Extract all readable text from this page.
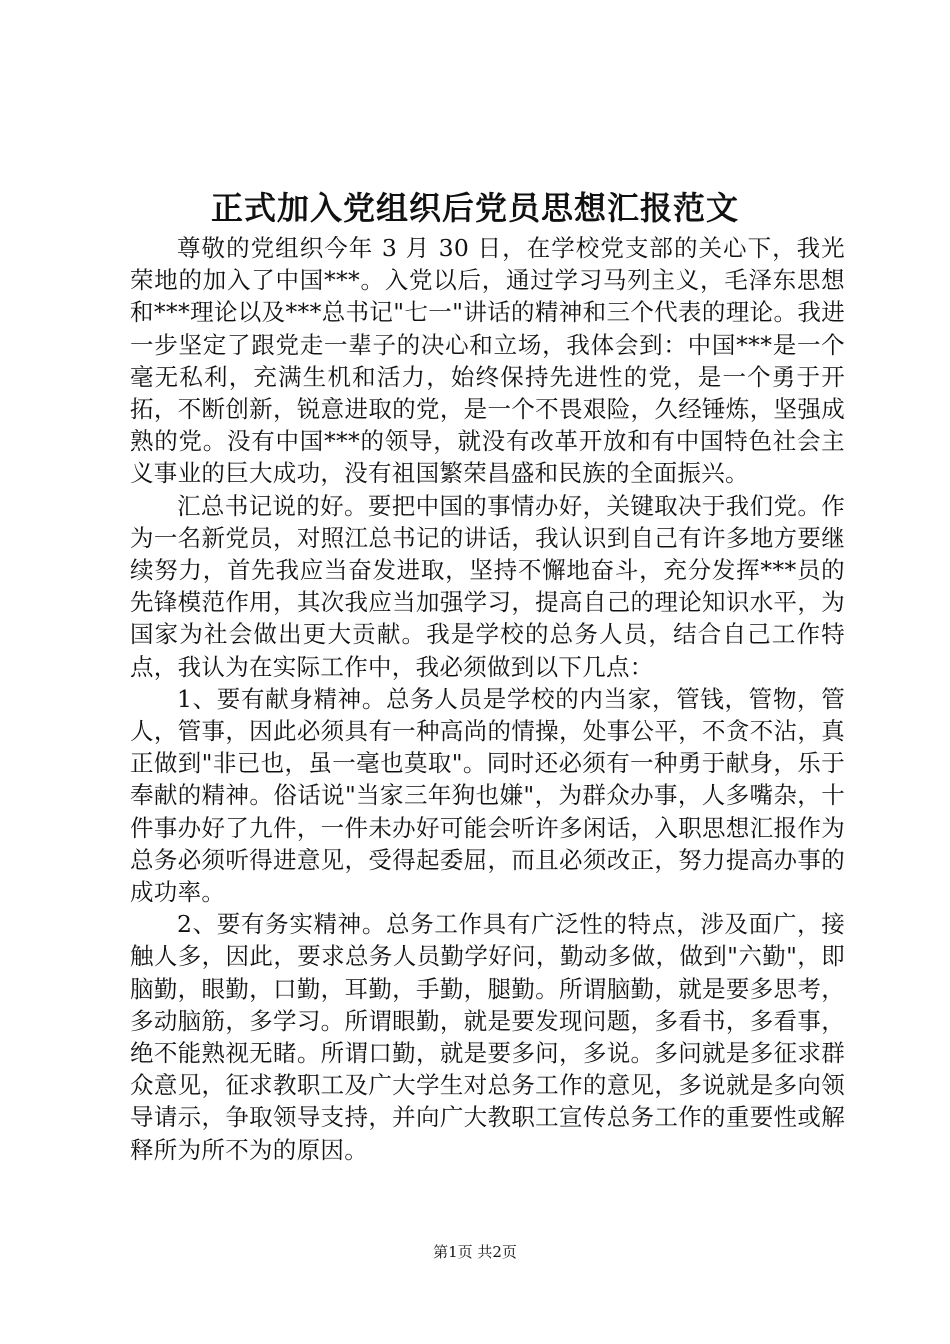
正式加入党组织后党员思想汇报范文

尊敬的党组织今年 3 月 30 日，在学校党支部的关心下，我光荣地的加入了中国***。入党以后，通过学习马列主义，毛泽东思想和***理论以及***总书记"七一"讲话的精神和三个代表的理论。我进一步坚定了跟党走一辈子的决心和立场，我体会到：中国***是一个毫无私利，充满生机和活力，始终保持先进性的党，是一个勇于开拓，不断创新，锐意进取的党，是一个不畏艰险，久经锤炼，坚强成熟的党。没有中国***的领导，就没有改革开放和有中国特色社会主义事业的巨大成功，没有祖国繁荣昌盛和民族的全面振兴。

汇总书记说的好。要把中国的事情办好，关键取决于我们党。作为一名新党员，对照江总书记的讲话，我认识到自己有许多地方要继续努力，首先我应当奋发进取，坚持不懈地奋斗，充分发挥***员的先锋模范作用，其次我应当加强学习，提高自己的理论知识水平，为国家为社会做出更大贡献。我是学校的总务人员，结合自己工作特点，我认为在实际工作中，我必须做到以下几点：

1、要有献身精神。总务人员是学校的内当家，管钱，管物，管人，管事，因此必须具有一种高尚的情操，处事公平，不贪不沾，真正做到"非已也，虽一毫也莫取"。同时还必须有一种勇于献身，乐于奉献的精神。俗话说"当家三年狗也嫌"，为群众办事，人多嘴杂，十件事办好了九件，一件未办好可能会听许多闲话，入职思想汇报作为总务必须听得进意见，受得起委屈，而且必须改正，努力提高办事的成功率。

2、要有务实精神。总务工作具有广泛性的特点，涉及面广，接触人多，因此，要求总务人员勤学好问，勤动多做，做到"六勤"，即脑勤，眼勤，口勤，耳勤，手勤，腿勤。所谓脑勤，就是要多思考，多动脑筋，多学习。所谓眼勤，就是要发现问题，多看书，多看事，绝不能熟视无睹。所谓口勤，就是要多问，多说。多问就是多征求群众意见，征求教职工及广大学生对总务工作的意见，多说就是多向领导请示，争取领导支持，并向广大教职工宣传总务工作的重要性或解释所为所不为的原因。

第1页 共2页
